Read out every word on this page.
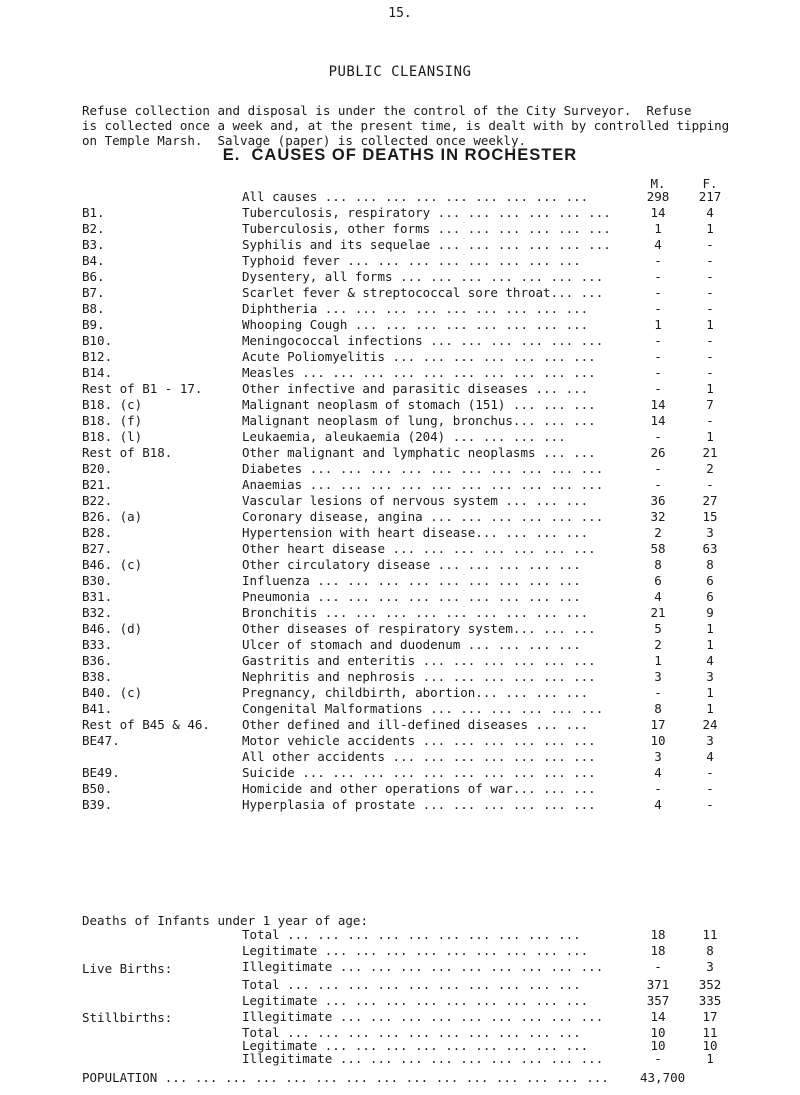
15.
PUBLIC CLEANSING
Refuse collection and disposal is under the control of the City Surveyor.  Refuse
is collected once a week and, at the present time, is dealt with by controlled tipping
on Temple Marsh.  Salvage (paper) is collected once weekly.
E.  CAUSES OF DEATHS IN ROCHESTER
M.	F.
All causes ... ... ... ... ... ... ... ... ...	298	217
B1.	Tuberculosis, respiratory ... ... ... ... ... ...	14	4
B2.	Tuberculosis, other forms ... ... ... ... ... ...	1	1
B3.	Syphilis and its sequelae ... ... ... ... ... ...	4	-
B4.	Typhoid fever ... ... ... ... ... ... ... ...	-	-
B6.	Dysentery, all forms ... ... ... ... ... ... ...	-	-
B7.	Scarlet fever & streptococcal sore throat... ...	-	-
B8.	Diphtheria ... ... ... ... ... ... ... ... ...	-	-
B9.	Whooping Cough ... ... ... ... ... ... ... ...	1	1
B10.	Meningococcal infections ... ... ... ... ... ...	-	-
B12.	Acute Poliomyelitis ... ... ... ... ... ... ...	-	-
B14.	Measles ... ... ... ... ... ... ... ... ... ...	-	-
Rest of B1 - 17.	Other infective and parasitic diseases ... ...	-	1
B18. (c)	Malignant neoplasm of stomach (151) ... ... ...	14	7
B18. (f)	Malignant neoplasm of lung, bronchus... ... ...	14	-
B18. (l)	Leukaemia, aleukaemia (204) ... ... ... ...	-	1
Rest of B18.	Other malignant and lymphatic neoplasms ... ...	26	21
B20.	Diabetes ... ... ... ... ... ... ... ... ... ...	-	2
B21.	Anaemias ... ... ... ... ... ... ... ... ... ...	-	-
B22.	Vascular lesions of nervous system ... ... ...	36	27
B26. (a)	Coronary disease, angina ... ... ... ... ... ...	32	15
B28.	Hypertension with heart disease... ... ... ...	2	3
B27.	Other heart disease ... ... ... ... ... ... ...	58	63
B46. (c)	Other circulatory disease ... ... ... ... ...	8	8
B30.	Influenza ... ... ... ... ... ... ... ... ...	6	6
B31.	Pneumonia ... ... ... ... ... ... ... ... ...	4	6
B32.	Bronchitis ... ... ... ... ... ... ... ... ...	21	9
B46. (d)	Other diseases of respiratory system... ... ...	5	1
B33.	Ulcer of stomach and duodenum ... ... ... ...	2	1
B36.	Gastritis and enteritis ... ... ... ... ... ...	1	4
B38.	Nephritis and nephrosis ... ... ... ... ... ...	3	3
B40. (c)	Pregnancy, childbirth, abortion... ... ... ...	-	1
B41.	Congenital Malformations ... ... ... ... ... ...	8	1
Rest of B45 & 46.	Other defined and ill-defined diseases ... ...	17	24
BE47.	Motor vehicle accidents ... ... ... ... ... ...	10	3
All other accidents ... ... ... ... ... ... ...	3	4
BE49.	Suicide ... ... ... ... ... ... ... ... ... ...	4	-
B50.	Homicide and other operations of war... ... ...	-	-
B39.	Hyperplasia of prostate ... ... ... ... ... ...	4	-
Deaths of Infants under 1 year of age:
Total ... ... ... ... ... ... ... ... ... ...	18	11
Legitimate ... ... ... ... ... ... ... ... ...	18	8
Illegitimate ... ... ... ... ... ... ... ... ...	-	3
Live Births:
Total ... ... ... ... ... ... ... ... ... ...	371	352
Legitimate ... ... ... ... ... ... ... ... ...	357	335
Illegitimate ... ... ... ... ... ... ... ... ...	14	17
Stillbirths:
Total ... ... ... ... ... ... ... ... ... ...	10	11
Legitimate ... ... ... ... ... ... ... ... ...	10	10
Illegitimate ... ... ... ... ... ... ... ... ...	-	1
POPULATION ... ... ... ... ... ... ... ... ... ... ... ... ... ... ... 43,700
